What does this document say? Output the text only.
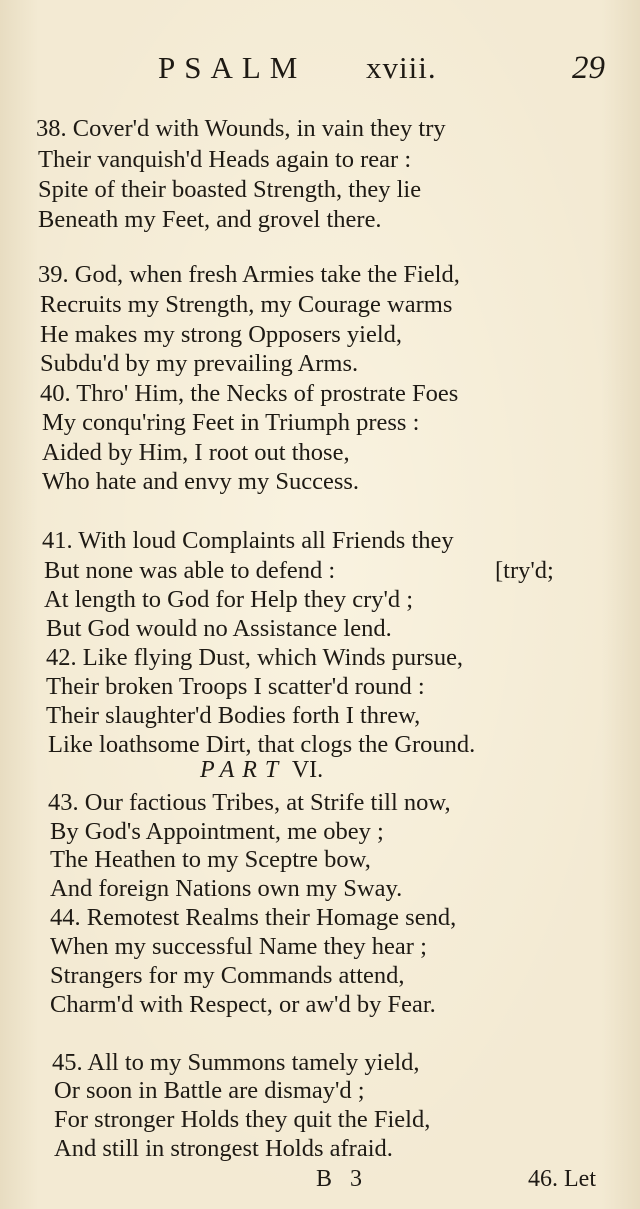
PSALM xviii.	29
38. Cover'd with Wounds, in vain they try
Their vanquish'd Heads again to rear :
Spite of their boasted Strength, they lie
Beneath my Feet, and grovel there.
39. God, when fresh Armies take the Field,
Recruits my Strength, my Courage warms
He makes my strong Opposers yield,
Subdu'd by my prevailing Arms.
40. Thro' Him, the Necks of prostrate Foes
My conqu'ring Feet in Triumph press :
Aided by Him, I root out those,
Who hate and envy my Success.
41. With loud Complaints all Friends they
But none was able to defend :	[try'd;
At length to God for Help they cry'd ;
But God would no Assistance lend.
42. Like flying Dust, which Winds pursue,
Their broken Troops I scatter'd round :
Their slaughter'd Bodies forth I threw,
Like loathsome Dirt, that clogs the Ground.
PART VI.
43. Our factious Tribes, at Strife till now,
By God's Appointment, me obey ;
The Heathen to my Sceptre bow,
And foreign Nations own my Sway.
44. Remotest Realms their Homage send,
When my successful Name they hear ;
Strangers for my Commands attend,
Charm'd with Respect, or aw'd by Fear.
45. All to my Summons tamely yield,
Or soon in Battle are dismay'd ;
For stronger Holds they quit the Field,
And still in strongest Holds afraid.
B 3	46. Let
